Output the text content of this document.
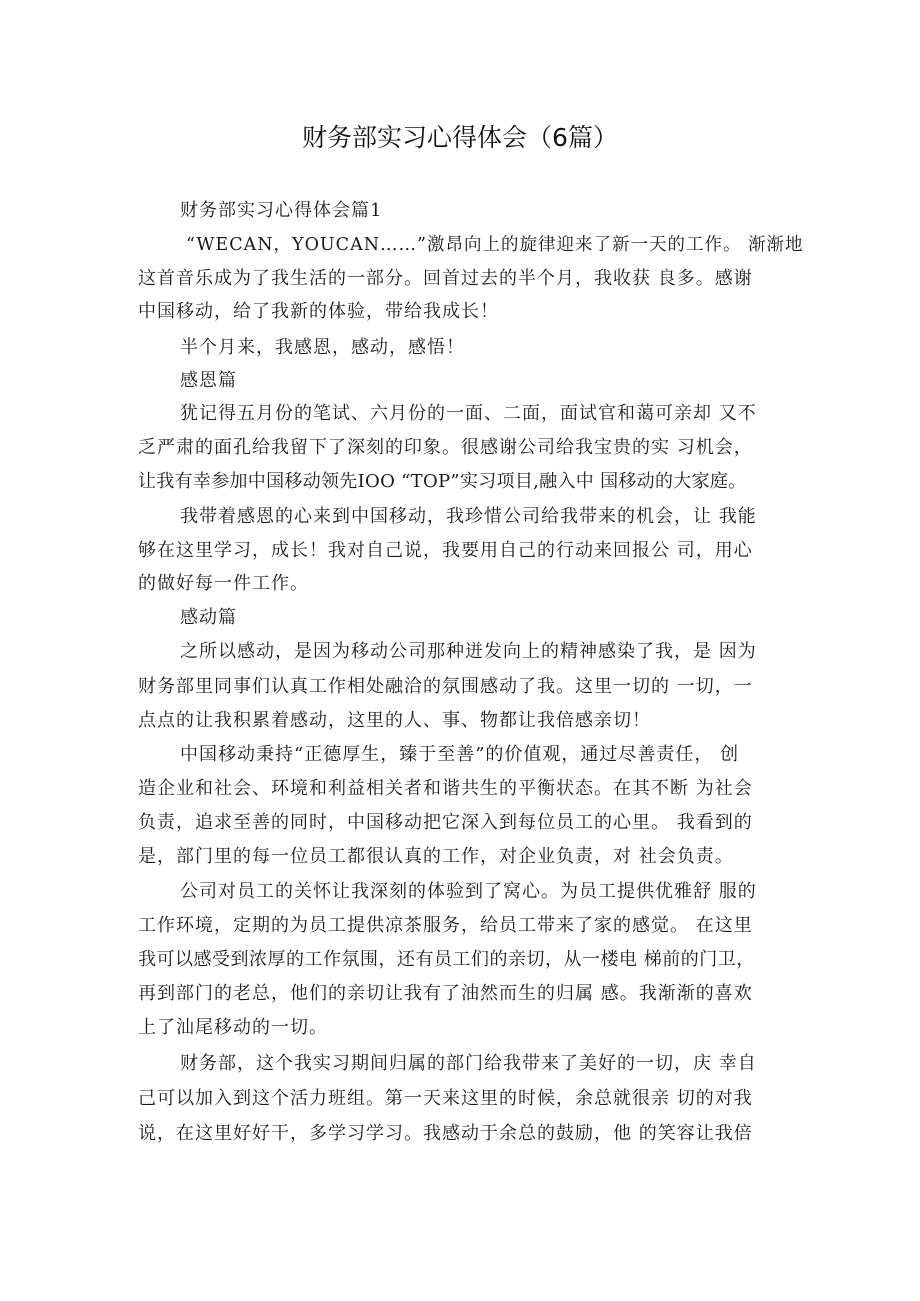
财务部实习心得体会（6篇）
财务部实习心得体会篇1
“WECAN，YOUCAN……”激昂向上的旋律迎来了新一天的工作。 渐渐地
这首音乐成为了我生活的一部分。回首过去的半个月，我收获 良多。感谢
中国移动，给了我新的体验，带给我成长！
半个月来，我感恩，感动，感悟！
感恩篇
犹记得五月份的笔试、六月份的一面、二面，面试官和蔼可亲却 又不
乏严肃的面孔给我留下了深刻的印象。很感谢公司给我宝贵的实 习机会，
让我有幸参加中国移动领先IOO “TOP”实习项目,融入中 国移动的大家庭。
我带着感恩的心来到中国移动，我珍惜公司给我带来的机会，让 我能
够在这里学习，成长！我对自己说，我要用自己的行动来回报公 司，用心
的做好每一件工作。
感动篇
之所以感动，是因为移动公司那种迸发向上的精神感染了我，是 因为
财务部里同事们认真工作相处融洽的氛围感动了我。这里一切的 一切，一
点点的让我积累着感动，这里的人、事、物都让我倍感亲切！
中国移动秉持“正德厚生，臻于至善”的价值观，通过尽善责任， 创
造企业和社会、环境和利益相关者和谐共生的平衡状态。在其不断 为社会
负责，追求至善的同时，中国移动把它深入到每位员工的心里。 我看到的
是，部门里的每一位员工都很认真的工作，对企业负责，对 社会负责。
公司对员工的关怀让我深刻的体验到了窝心。为员工提供优雅舒 服的
工作环境，定期的为员工提供凉茶服务，给员工带来了家的感觉。 在这里
我可以感受到浓厚的工作氛围，还有员工们的亲切，从一楼电 梯前的门卫，
再到部门的老总，他们的亲切让我有了油然而生的归属 感。我渐渐的喜欢
上了汕尾移动的一切。
财务部，这个我实习期间归属的部门给我带来了美好的一切，庆 幸自
己可以加入到这个活力班组。第一天来这里的时候，余总就很亲 切的对我
说，在这里好好干，多学习学习。我感动于余总的鼓励，他 的笑容让我倍
